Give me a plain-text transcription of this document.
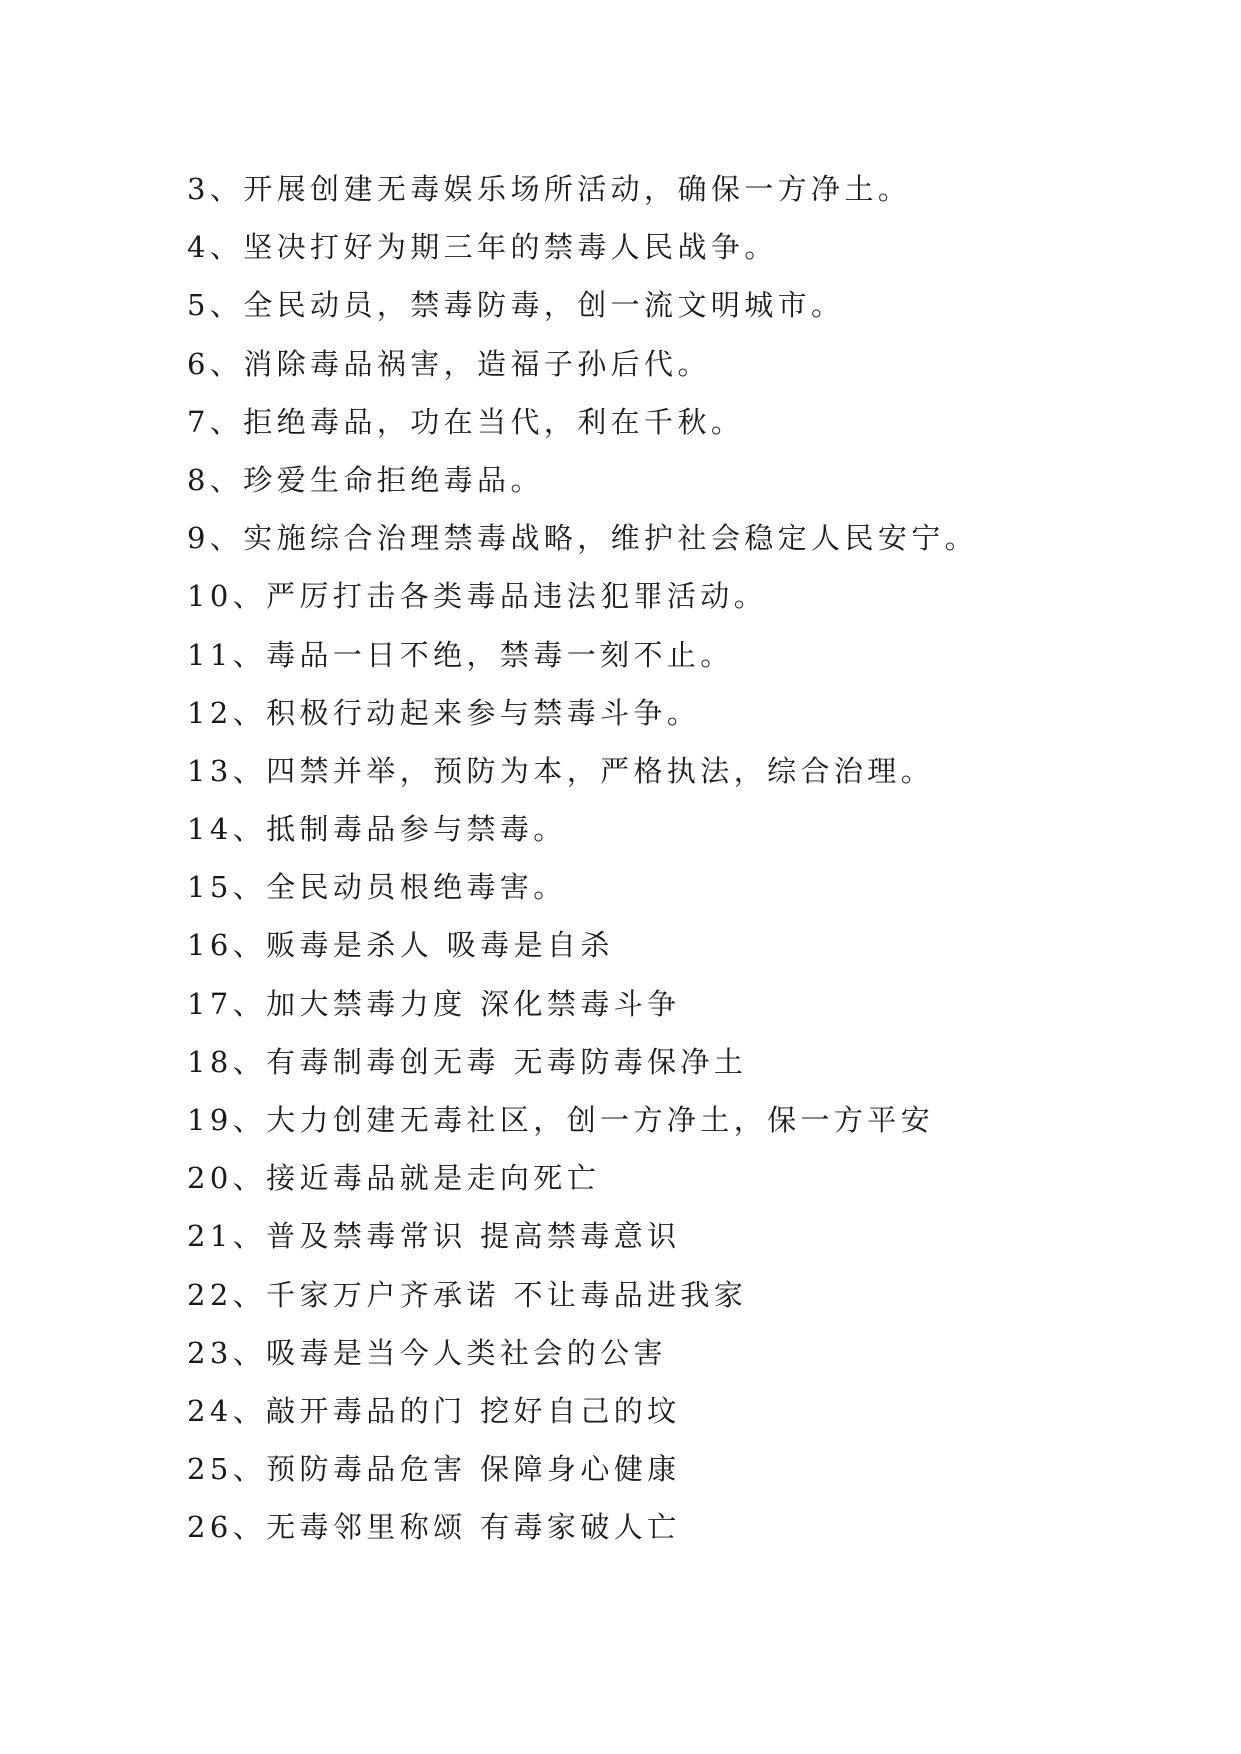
3、开展创建无毒娱乐场所活动，确保一方净土。
4、坚决打好为期三年的禁毒人民战争。
5、全民动员，禁毒防毒，创一流文明城市。
6、消除毒品祸害，造福子孙后代。
7、拒绝毒品，功在当代，利在千秋。
8、珍爱生命拒绝毒品。
9、实施综合治理禁毒战略，维护社会稳定人民安宁。
10、严厉打击各类毒品违法犯罪活动。
11、毒品一日不绝，禁毒一刻不止。
12、积极行动起来参与禁毒斗争。
13、四禁并举，预防为本，严格执法，综合治理。
14、抵制毒品参与禁毒。
15、全民动员根绝毒害。
16、贩毒是杀人 吸毒是自杀
17、加大禁毒力度 深化禁毒斗争
18、有毒制毒创无毒 无毒防毒保净土
19、大力创建无毒社区，创一方净土，保一方平安
20、接近毒品就是走向死亡
21、普及禁毒常识 提高禁毒意识
22、千家万户齐承诺 不让毒品进我家
23、吸毒是当今人类社会的公害
24、敲开毒品的门 挖好自己的坟
25、预防毒品危害 保障身心健康
26、无毒邻里称颂 有毒家破人亡
